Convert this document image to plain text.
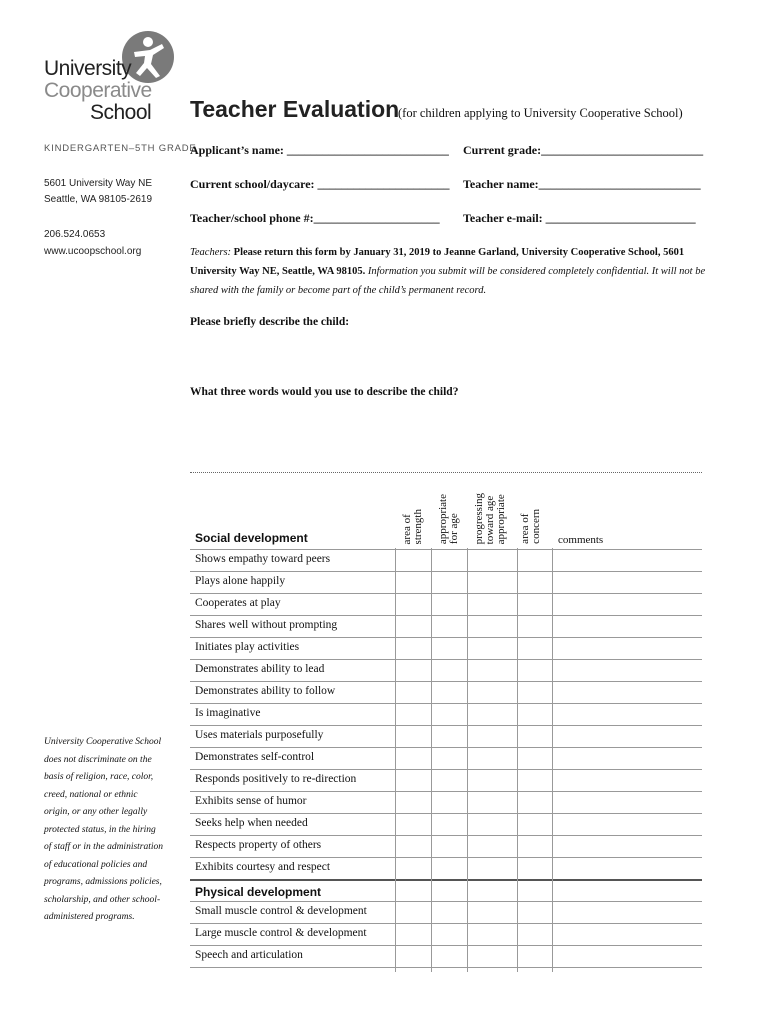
University
Cooperative
School Teacher Evaluation
(for children applying to University Cooperative School)
KINDERGARTEN–5TH GRADE
5601 University Way NE
Seattle, WA 98105-2619
206.524.0653
www.ucoopschool.org
Applicant’s name: ___________________________ Current grade:___________________________
Current school/daycare: ______________________ Teacher name:___________________________
Teacher/school phone #:_____________________ Teacher e-mail: _________________________
Teachers: Please return this form by January 31, 2019 to Jeanne Garland, University Cooperative School, 5601 University Way NE, Seattle, WA 98105. Information you submit will be considered completely confidential. It will not be shared with the family or become part of the child’s permanent record.
Please briefly describe the child:
What three words would you use to describe the child?
area of
strength appropriate
for age progressing
toward age
appropriate area of
concern comments
Social development
Physical development
Shows empathy toward peers
Plays alone happily
Cooperates at play
Shares well without prompting
Initiates play activities
Demonstrates ability to lead
Demonstrates ability to follow
Is imaginative
Uses materials purposefully
Demonstrates self-control
Responds positively to re-direction
Exhibits sense of humor
Seeks help when needed
Respects property of others
Exhibits courtesy and respect
Small muscle control & development
Large muscle control & development
Speech and articulation
University Cooperative School does not discriminate on the basis of religion, race, color, creed, national or ethnic origin, or any other legally protected status, in the hiring of staff or in the administration of educational policies and programs, admissions policies, scholarship, and other school-administered programs.
